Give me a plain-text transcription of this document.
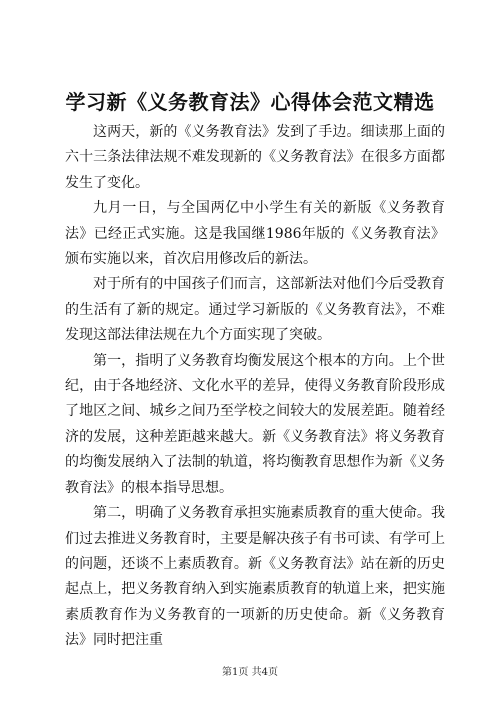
学习新《义务教育法》心得体会范文精选

这两天，新的《义务教育法》发到了手边。细读那上面的六十三条法律法规不难发现新的《义务教育法》在很多方面都发生了变化。

九月一日，与全国两亿中小学生有关的新版《义务教育法》已经正式实施。这是我国继1986年版的《义务教育法》颁布实施以来，首次启用修改后的新法。

对于所有的中国孩子们而言，这部新法对他们今后受教育的生活有了新的规定。通过学习新版的《义务教育法》，不难发现这部法律法规在九个方面实现了突破。

第一，指明了义务教育均衡发展这个根本的方向。上个世纪，由于各地经济、文化水平的差异，使得义务教育阶段形成了地区之间、城乡之间乃至学校之间较大的发展差距。随着经济的发展，这种差距越来越大。新《义务教育法》将义务教育的均衡发展纳入了法制的轨道，将均衡教育思想作为新《义务教育法》的根本指导思想。

第二，明确了义务教育承担实施素质教育的重大使命。我们过去推进义务教育时，主要是解决孩子有书可读、有学可上的问题，还谈不上素质教育。新《义务教育法》站在新的历史起点上，把义务教育纳入到实施素质教育的轨道上来，把实施素质教育作为义务教育的一项新的历史使命。新《义务教育法》同时把注重

第1页 共4页
